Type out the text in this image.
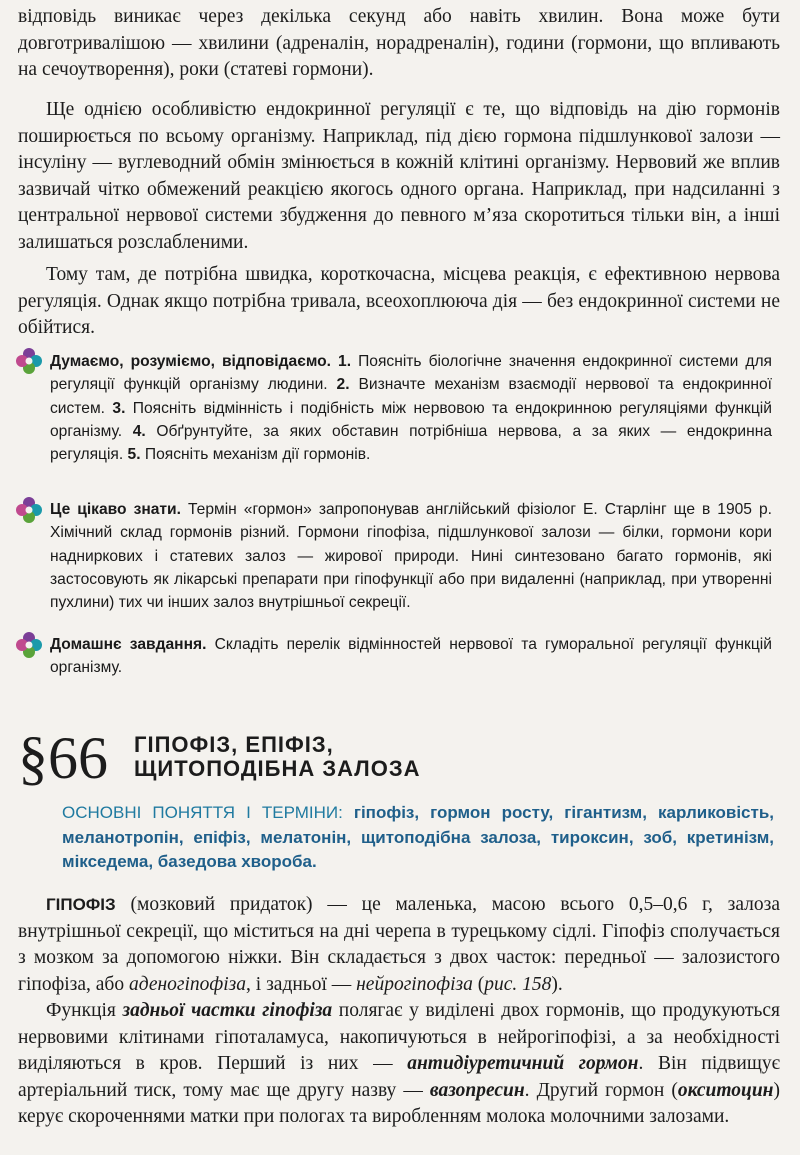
відповідь виникає через декілька секунд або навіть хвилин. Вона може бути довготривалішою — хвилини (адреналін, норадреналін), години (гормони, що впливають на сечоутворення), роки (статеві гормони).

Ще однією особливістю ендокринної регуляції є те, що відповідь на дію гормонів поширюється по всьому організму. Наприклад, під дією гормона підшлункової залози — інсуліну — вуглеводний обмін змінюється в кожній клітині організму. Нервовий же вплив зазвичай чітко обмежений реакцією якогось одного органа. Наприклад, при надсиланні з центральної нервової системи збудження до певного м’яза скоротиться тільки він, а інші залишаться розслабленими.

Тому там, де потрібна швидка, короткочасна, місцева реакція, є ефективною нервова регуляція. Однак якщо потрібна тривала, всеохоплююча дія — без ендокринної системи не обійтися.

Думаємо, розуміємо, відповідаємо. 1. Поясніть біологічне значення ендокринної системи для регуляції функцій організму людини. 2. Визначте механізм взаємодії нервової та ендокринної систем. 3. Поясніть відмінність і подібність між нервовою та ендокринною регуляціями функцій організму. 4. Обґрунтуйте, за яких обставин потрібніша нервова, а за яких — ендокринна регуляція. 5. Поясніть механізм дії гормонів.

Це цікаво знати. Термін «гормон» запропонував англійський фізіолог Е. Старлінг ще в 1905 р. Хімічний склад гормонів різний. Гормони гіпофіза, підшлункової залози — білки, гормони кори надниркових і статевих залоз — жирової природи. Нині синтезовано багато гормонів, які застосовують як лікарські препарати при гіпофункції або при видаленні (наприклад, при утворенні пухлини) тих чи інших залоз внутрішньої секреції.

Домашнє завдання. Складіть перелік відмінностей нервової та гуморальної регуляції функцій організму.

§66 ГІПОФІЗ, ЕПІФІЗ,
ЩИТОПОДІБНА ЗАЛОЗА

ОСНОВНІ ПОНЯТТЯ І ТЕРМІНИ: гіпофіз, гормон росту, гігантизм, карликовість, меланотропін, епіфіз, мелатонін, щитоподібна залоза, тироксин, зоб, кретинізм, мікседема, базедова хвороба.

ГІПОФІЗ (мозковий придаток) — це маленька, масою всього 0,5–0,6 г, залоза внутрішньої секреції, що міститься на дні черепа в турецькому сідлі. Гіпофіз сполучається з мозком за допомогою ніжки. Він складається з двох часток: передньої — залозистого гіпофіза, або аденогіпофіза, і задньої — нейрогіпофіза (рис. 158).

Функція задньої частки гіпофіза полягає у виділені двох гормонів, що продукуються нервовими клітинами гіпоталамуса, накопичуються в нейрогіпофізі, а за необхідності виділяються в кров. Перший із них — антидіуретичний гормон. Він підвищує артеріальний тиск, тому має ще другу назву — вазопресин. Другий гормон (окситоцин) керує скороченнями матки при пологах та виробленням молока молочними залозами.
